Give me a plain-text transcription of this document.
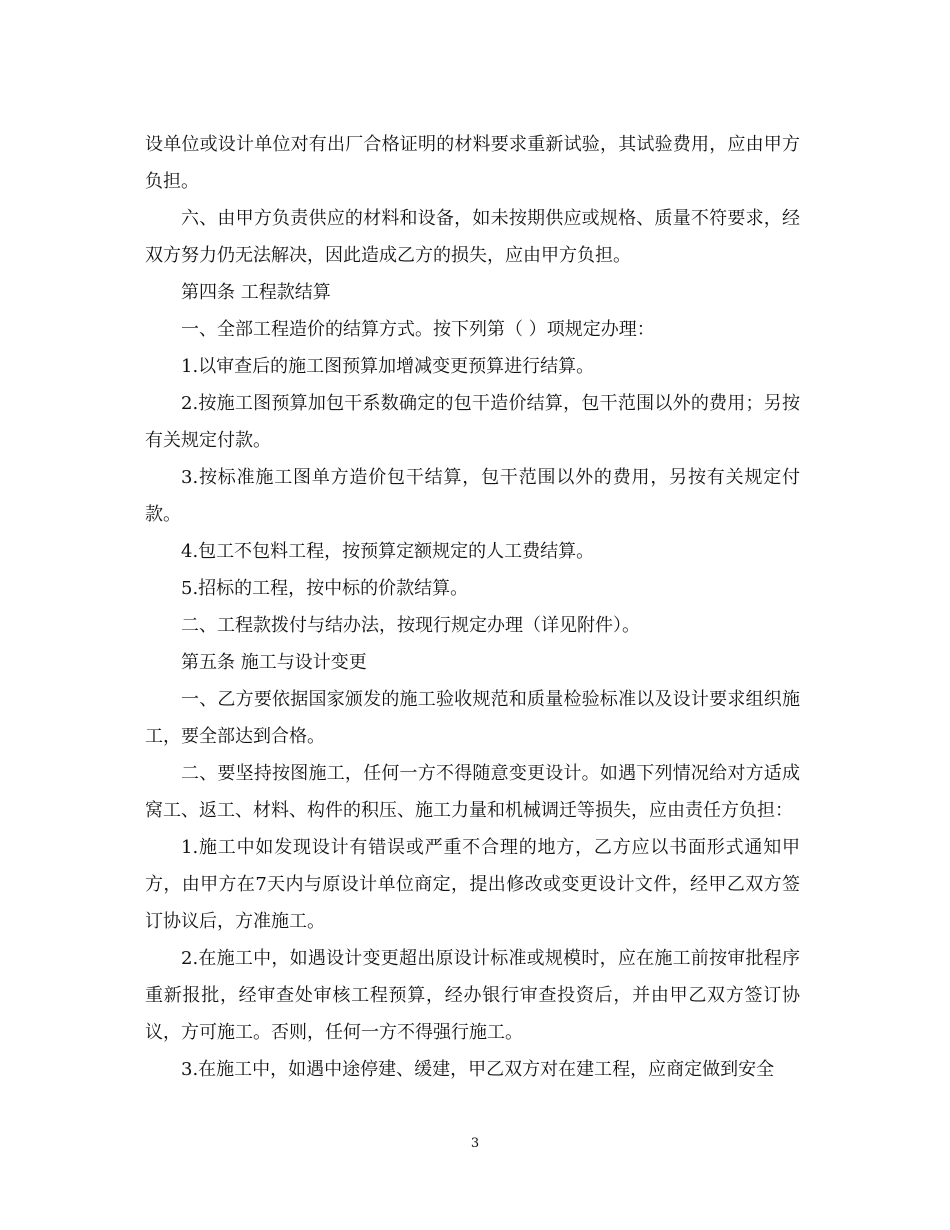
设单位或设计单位对有出厂合格证明的材料要求重新试验，其试验费用，应由甲方负担。

六、由甲方负责供应的材料和设备，如未按期供应或规格、质量不符要求，经双方努力仍无法解决，因此造成乙方的损失，应由甲方负担。

第四条 工程款结算

一、全部工程造价的结算方式。按下列第（ ）项规定办理：

1.以审查后的施工图预算加增减变更预算进行结算。

2.按施工图预算加包干系数确定的包干造价结算，包干范围以外的费用；另按有关规定付款。

3.按标准施工图单方造价包干结算，包干范围以外的费用，另按有关规定付款。

4.包工不包料工程，按预算定额规定的人工费结算。

5.招标的工程，按中标的价款结算。

二、工程款拨付与结办法，按现行规定办理（详见附件）。

第五条 施工与设计变更

一、乙方要依据国家颁发的施工验收规范和质量检验标准以及设计要求组织施工，要全部达到合格。

二、要坚持按图施工，任何一方不得随意变更设计。如遇下列情况给对方适成窝工、返工、材料、构件的积压、施工力量和机械调迁等损失，应由责任方负担：

1.施工中如发现设计有错误或严重不合理的地方，乙方应以书面形式通知甲方，由甲方在7天内与原设计单位商定，提出修改或变更设计文件，经甲乙双方签订协议后，方准施工。

2.在施工中，如遇设计变更超出原设计标准或规模时，应在施工前按审批程序重新报批，经审查处审核工程预算，经办银行审查投资后，并由甲乙双方签订协议，方可施工。否则，任何一方不得强行施工。

3.在施工中，如遇中途停建、缓建，甲乙双方对在建工程，应商定做到安全

3
